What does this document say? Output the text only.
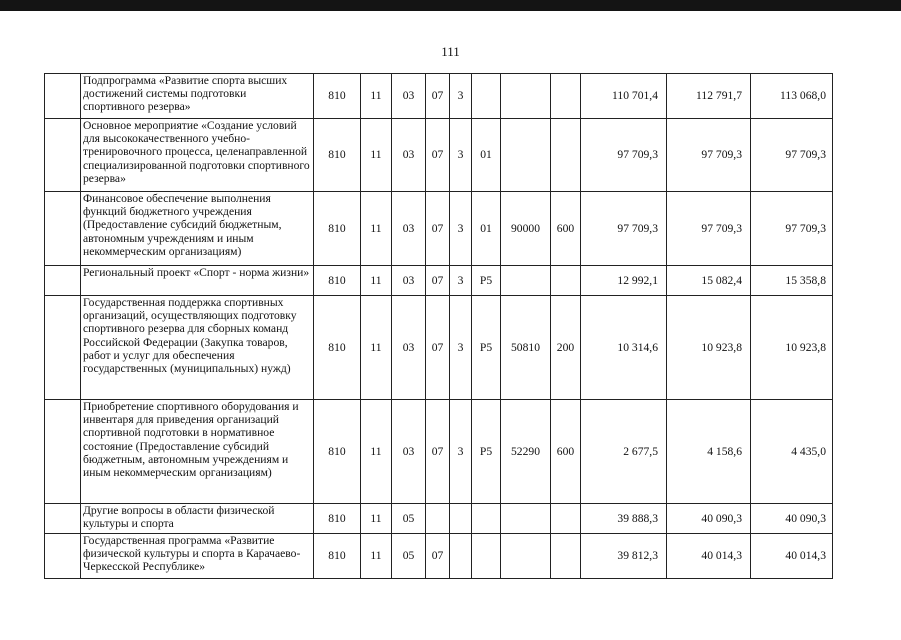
111
	Подпрограмма «Развитие спорта высших достижений системы подготовки спортивного резерва»	810	11	03	07	3				110 701,4	112 791,7	113 068,0
	Основное мероприятие «Создание условий для высококачественного учебно-тренировочного процесса, целенаправленной специализированной подготовки спортивного резерва»	810	11	03	07	3	01			97 709,3	97 709,3	97 709,3
	Финансовое обеспечение выполнения функций бюджетного учреждения (Предоставление субсидий бюджетным, автономным учреждениям и иным некоммерческим организациям)	810	11	03	07	3	01	90000	600	97 709,3	97 709,3	97 709,3
	Региональный проект «Спорт - норма жизни»	810	11	03	07	3	P5			12 992,1	15 082,4	15 358,8
	Государственная поддержка спортивных организаций, осуществляющих подготовку спортивного резерва для сборных команд Российской Федерации (Закупка товаров, работ и услуг для обеспечения государственных (муниципальных) нужд)	810	11	03	07	3	P5	50810	200	10 314,6	10 923,8	10 923,8
	Приобретение спортивного оборудования и инвентаря для приведения организаций спортивной подготовки в нормативное состояние (Предоставление субсидий бюджетным, автономным учреждениям и иным некоммерческим организациям)	810	11	03	07	3	P5	52290	600	2 677,5	4 158,6	4 435,0
	Другие вопросы в области физической культуры и спорта	810	11	05						39 888,3	40 090,3	40 090,3
	Государственная программа «Развитие физической культуры и спорта в Карачаево-Черкесской Республике»	810	11	05	07					39 812,3	40 014,3	40 014,3
